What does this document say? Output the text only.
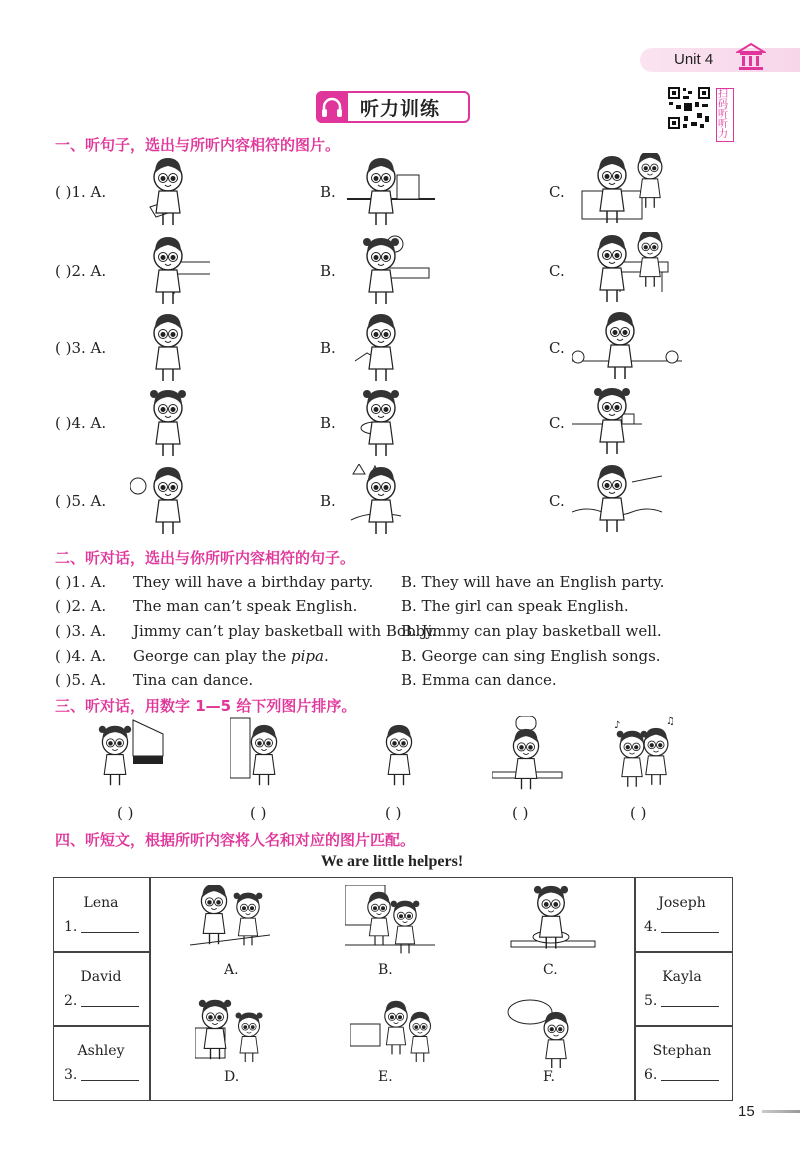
Unit 4
听力训练
扫码听听力
一、听句子，选出与所听内容相符的图片。
( )1. A.	B.	C.
( )2. A.	B.	C.
( )3. A.	B.	C.
( )4. A.	B.	C.
( )5. A.	B.	C.
二、听对话，选出与你所听内容相符的句子。
( )1. A. They will have a birthday party. B. They will have an English party.
( )2. A. The man can’t speak English.	B. The girl can speak English.
( )3. A. Jimmy can’t play basketball with Bobby.
B. Jimmy can play basketball well.
( )4. A. George can play the pipa.	B. George can sing English songs.
( )5. A. Tina can dance.	B. Emma can dance.
三、听对话，用数字 1—5 给下列图片排序。
( )	( )	( )	( )
♪	♫
( )
四、听短文，根据所听内容将人名和对应的图片匹配。
We are little helpers!
Lena
1.
David
2.
Ashley
3.
Joseph
4.
Kayla
5.
Stephan
6.
A.	B.	C.
D.	E.	F.
15
